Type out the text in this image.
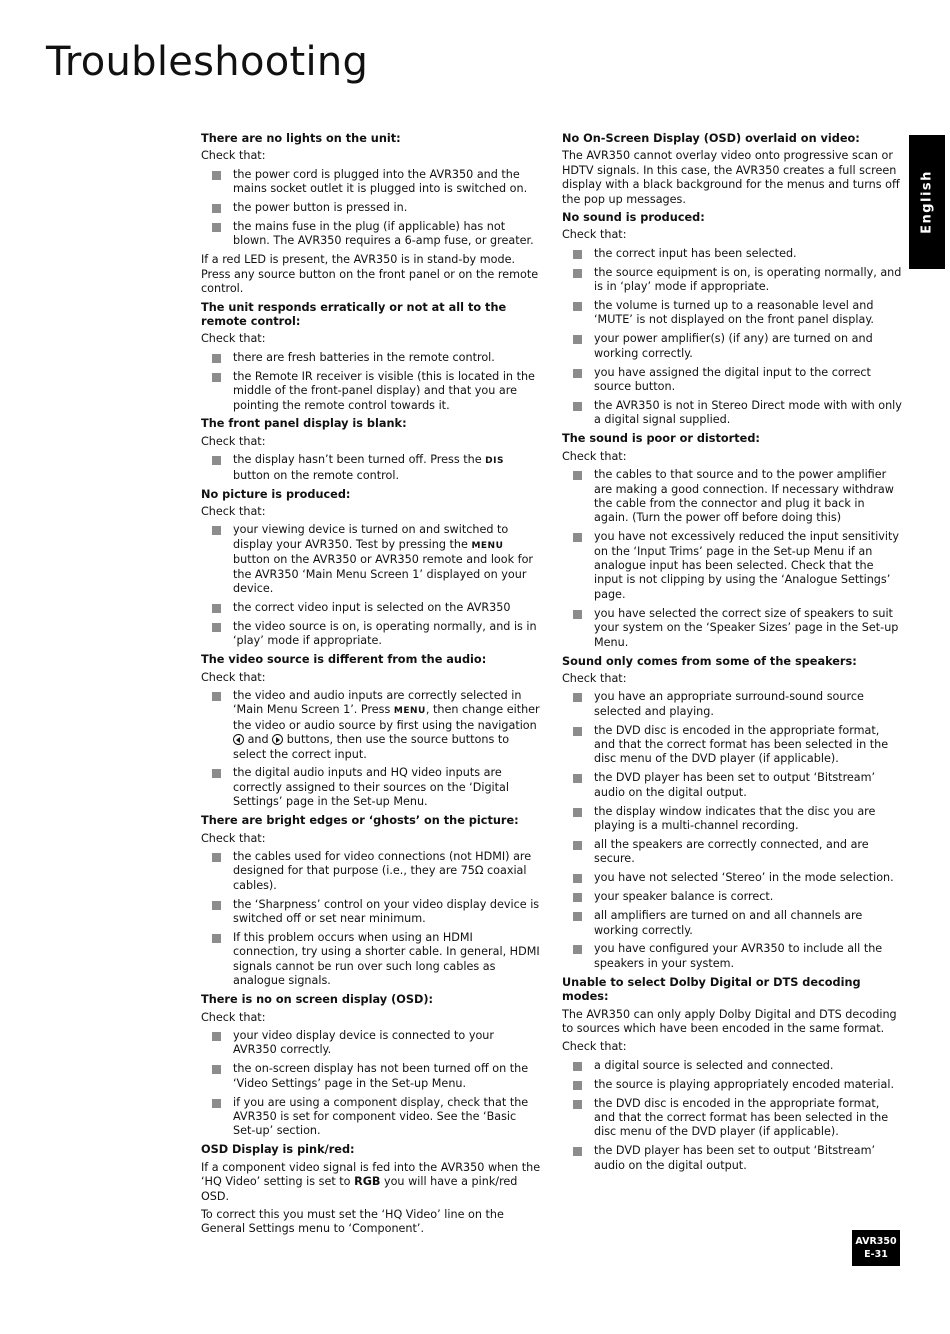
Troubleshooting
English
There are no lights on the unit:
Check that:
the power cord is plugged into the AVR350 and the mains socket outlet it is plugged into is switched on.
the power button is pressed in.
the mains fuse in the plug (if applicable) has not blown. The AVR350 requires a 6-amp fuse, or greater.
If a red LED is present, the AVR350 is in stand-by mode. Press any source button on the front panel or on the remote control.
The unit responds erratically or not at all to the remote control:
Check that:
there are fresh batteries in the remote control.
the Remote IR receiver is visible (this is located in the middle of the front-panel display) and that you are pointing the remote control towards it.
The front panel display is blank:
Check that:
the display hasn’t been turned off. Press the DIS button on the remote control.
No picture is produced:
Check that:
your viewing device is turned on and switched to display your AVR350. Test by pressing the MENU button on the AVR350 or AVR350 remote and look for the AVR350 ‘Main Menu Screen 1’ displayed on your device.
the correct video input is selected on the AVR350
the video source is on, is operating normally, and is in ‘play’ mode if appropriate.
The video source is different from the audio:
Check that:
the video and audio inputs are correctly selected in ‘Main Menu Screen 1’. Press MENU, then change either the video or audio source by first using the navigation
and buttons, then use the source buttons to select the correct input.
the digital audio inputs and HQ video inputs are correctly assigned to their sources on the ‘Digital Settings’ page in the Set-up Menu.
There are bright edges or ‘ghosts’ on the picture:
Check that:
the cables used for video connections (not HDMI) are designed for that purpose (i.e., they are 75Ω coaxial cables).
the ‘Sharpness’ control on your video display device is switched off or set near minimum.
If this problem occurs when using an HDMI connection, try using a shorter cable. In general, HDMI signals cannot be run over such long cables as analogue signals.
There is no on screen display (OSD):
Check that:
your video display device is connected to your AVR350 correctly.
the on-screen display has not been turned off on the ‘Video Settings’ page in the Set-up Menu.
if you are using a component display, check that the AVR350 is set for component video. See the ‘Basic Set-up’ section.
OSD Display is pink/red:
If a component video signal is fed into the AVR350 when the ‘HQ Video’ setting is set to RGB you will have a pink/red OSD.
To correct this you must set the ‘HQ Video’ line on the General Settings menu to ‘Component’.
No On-Screen Display (OSD) overlaid on video:
The AVR350 cannot overlay video onto progressive scan or HDTV signals. In this case, the AVR350 creates a full screen display with a black background for the menus and turns off the pop up messages.
No sound is produced:
Check that:
the correct input has been selected.
the source equipment is on, is operating normally, and is in ‘play’ mode if appropriate.
the volume is turned up to a reasonable level and ‘MUTE’ is not displayed on the front panel display.
your power amplifier(s) (if any) are turned on and working correctly.
you have assigned the digital input to the correct source button.
the AVR350 is not in Stereo Direct mode with with only a digital signal supplied.
The sound is poor or distorted:
Check that:
the cables to that source and to the power amplifier are making a good connection. If necessary withdraw the cable from the connector and plug it back in again. (Turn the power off before doing this)
you have not excessively reduced the input sensitivity on the ‘Input Trims’ page in the Set-up Menu if an analogue input has been selected. Check that the input is not clipping by using the ‘Analogue Settings’ page.
you have selected the correct size of speakers to suit your system on the ‘Speaker Sizes’ page in the Set-up Menu.
Sound only comes from some of the speakers:
Check that:
you have an appropriate surround-sound source selected and playing.
the DVD disc is encoded in the appropriate format, and that the correct format has been selected in the disc menu of the DVD player (if applicable).
the DVD player has been set to output ‘Bitstream’ audio on the digital output.
the display window indicates that the disc you are playing is a multi-channel recording.
all the speakers are correctly connected, and are secure.
you have not selected ‘Stereo’ in the mode selection.
your speaker balance is correct.
all amplifiers are turned on and all channels are working correctly.
you have configured your AVR350 to include all the speakers in your system.
Unable to select Dolby Digital or DTS decoding modes:
The AVR350 can only apply Dolby Digital and DTS decoding to sources which have been encoded in the same format.
Check that:
a digital source is selected and connected.
the source is playing appropriately encoded material.
the DVD disc is encoded in the appropriate format, and that the correct format has been selected in the disc menu of the DVD player (if applicable).
the DVD player has been set to output ‘Bitstream’ audio on the digital output.
AVR350
E-31
